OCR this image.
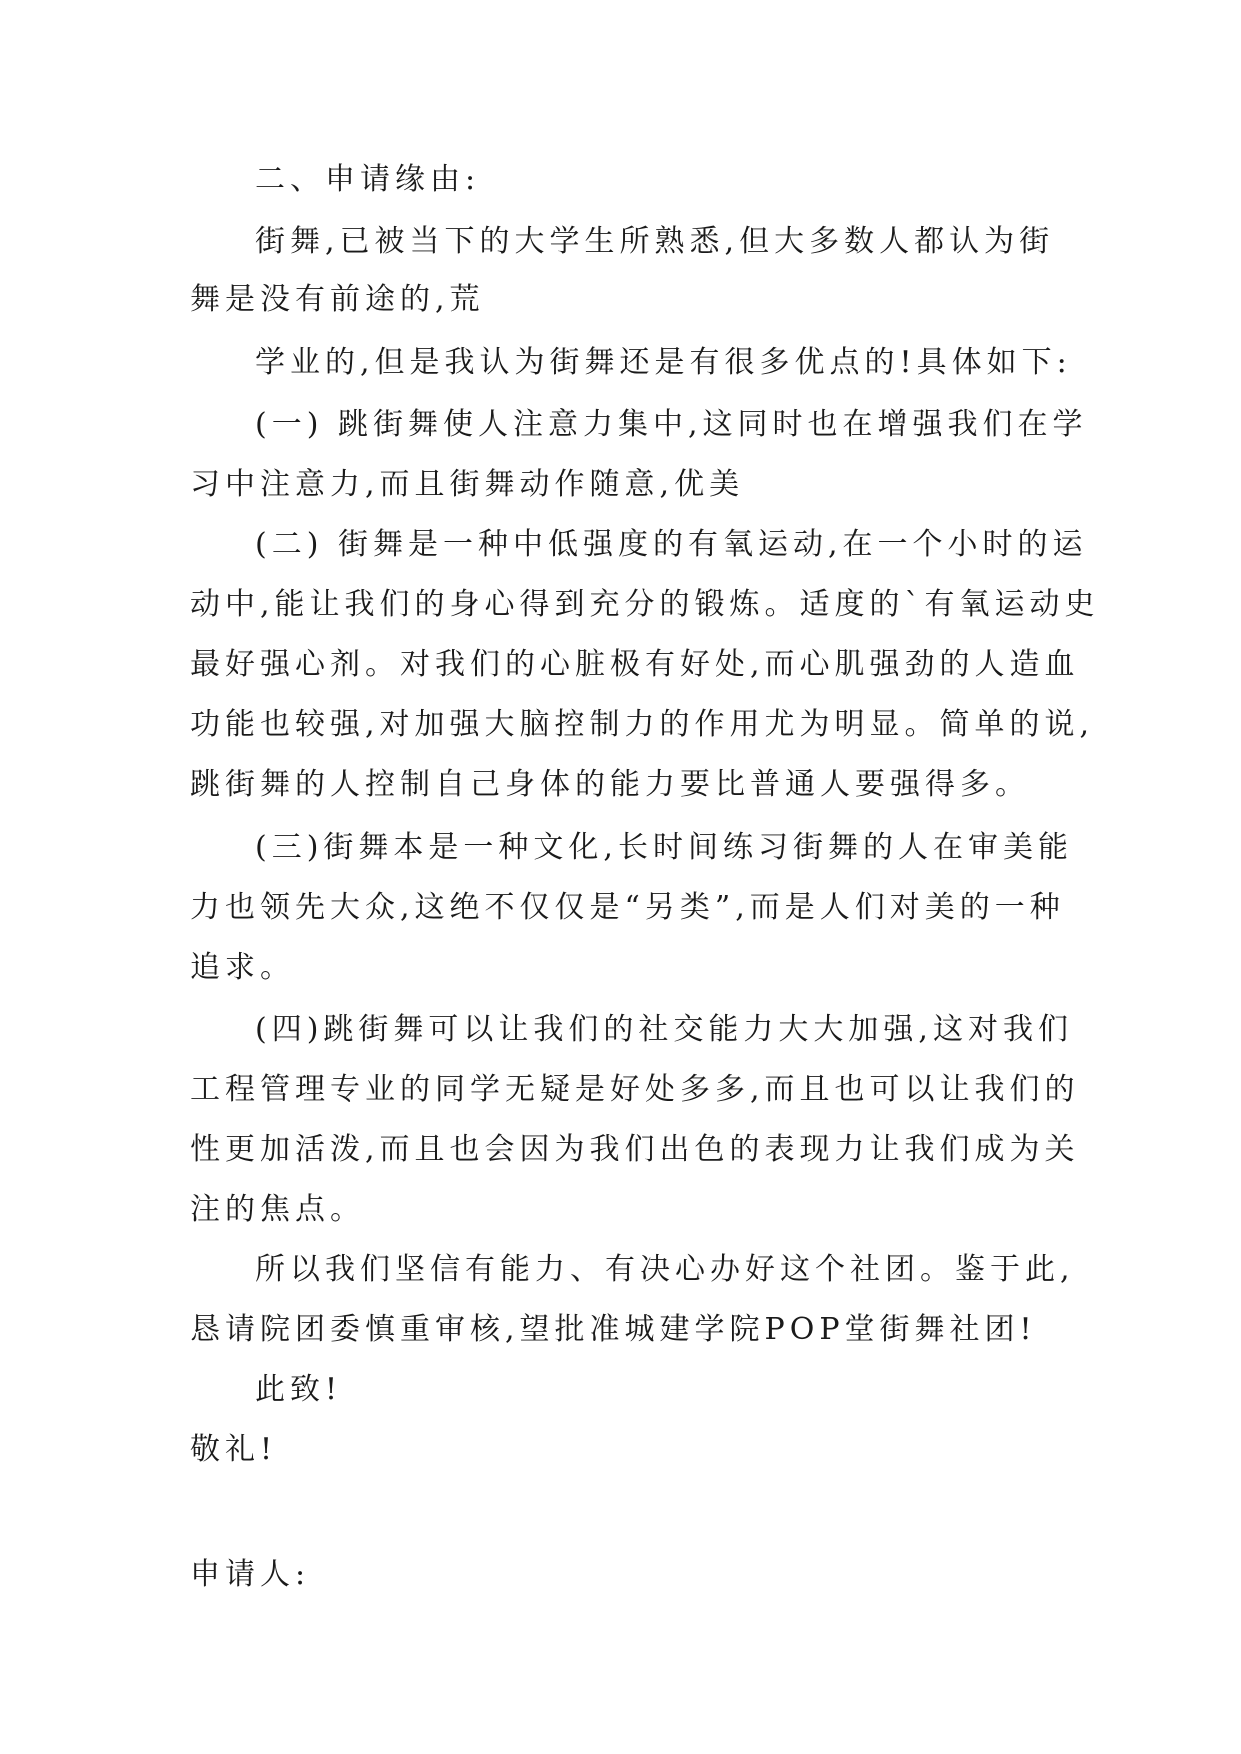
二、申请缘由:
街舞,已被当下的大学生所熟悉,但大多数人都认为街
舞是没有前途的,荒
学业的,但是我认为街舞还是有很多优点的!具体如下:
(一) 跳街舞使人注意力集中,这同时也在增强我们在学
习中注意力,而且街舞动作随意,优美
(二) 街舞是一种中低强度的有氧运动,在一个小时的运
动中,能让我们的身心得到充分的锻炼。适度的`有氧运动史
最好强心剂。对我们的心脏极有好处,而心肌强劲的人造血
功能也较强,对加强大脑控制力的作用尤为明显。简单的说,
跳街舞的人控制自己身体的能力要比普通人要强得多。
(三)街舞本是一种文化,长时间练习街舞的人在审美能
力也领先大众,这绝不仅仅是“另类”,而是人们对美的一种
追求。
(四)跳街舞可以让我们的社交能力大大加强,这对我们
工程管理专业的同学无疑是好处多多,而且也可以让我们的
性更加活泼,而且也会因为我们出色的表现力让我们成为关
注的焦点。
所以我们坚信有能力、有决心办好这个社团。鉴于此,
恳请院团委慎重审核,望批准城建学院POP堂街舞社团!
此致!
敬礼!
申请人:
